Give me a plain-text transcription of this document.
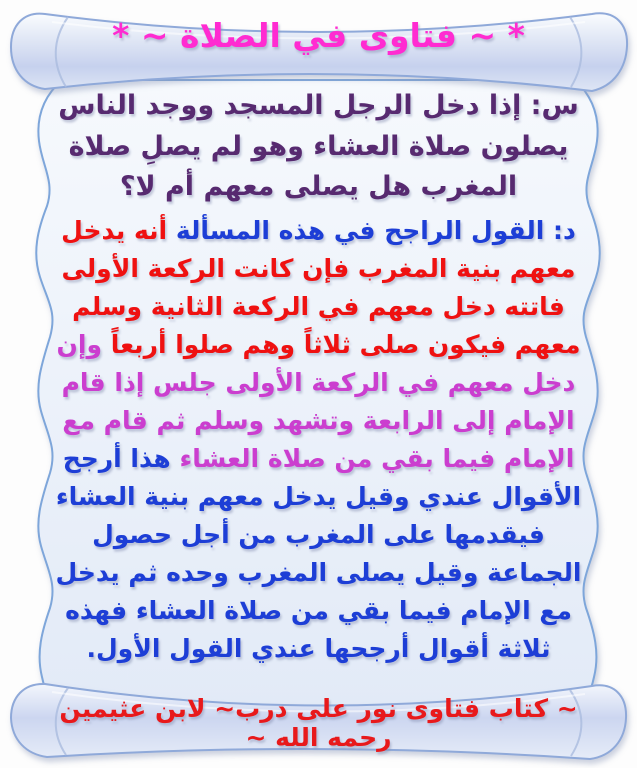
* ~ فتاوى في الصلاة ~ *

س: إذا دخل الرجل المسجد ووجد الناس يصلون صلاة العشاء وهو لم يصلِ صلاة المغرب هل يصلى معهم أم لا؟

د: القول الراجح في هذه المسألة أنه يدخل معهم بنية المغرب فإن كانت الركعة الأولى فاتته دخل معهم في الركعة الثانية وسلم معهم فيكون صلى ثلاثاً وهم صلوا أربعاً وإن دخل معهم في الركعة الأولى جلس إذا قام الإمام إلى الرابعة وتشهد وسلم ثم قام مع الإمام فيما بقي من صلاة العشاء هذا أرجح الأقوال عندي وقيل يدخل معهم بنية العشاء فيقدمها على المغرب من أجل حصول الجماعة وقيل يصلى المغرب وحده ثم يدخل مع الإمام فيما بقي من صلاة العشاء فهذه ثلاثة أقوال أرجحها عندي القول الأول.

~ كتاب فتاوى نور على درب~ لابن عثيمين رحمه الله ~
